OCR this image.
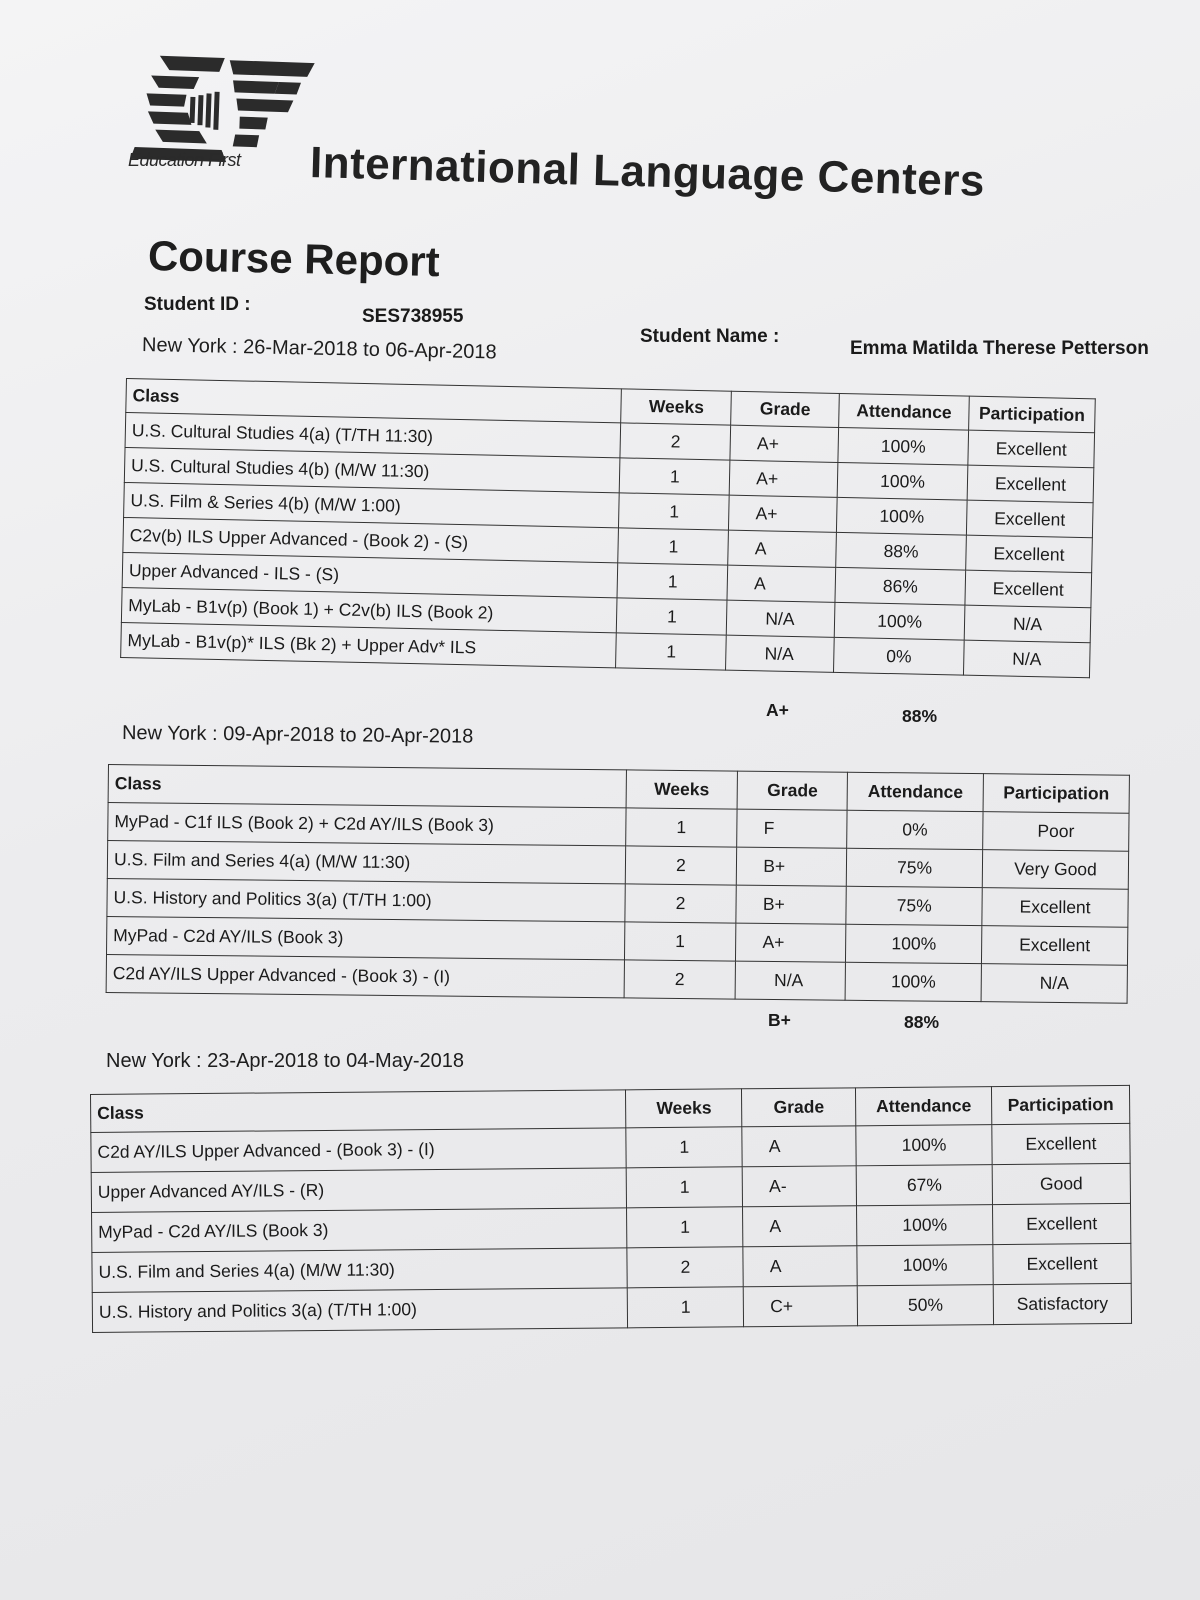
Education First International Language Centers
Course Report
Student ID :
SES738955
Student Name :
Emma Matilda Therese Petterson
New York : 26-Mar-2018 to 06-Apr-2018
Class	Weeks	Grade	Attendance	Participation
U.S. Cultural Studies 4(a) (T/TH 11:30)	2	A+	100%	Excellent
U.S. Cultural Studies 4(b) (M/W 11:30)	1	A+	100%	Excellent
U.S. Film & Series 4(b) (M/W 1:00)	1	A+	100%	Excellent
C2v(b) ILS Upper Advanced - (Book 2) - (S)	1	A	88%	Excellent
Upper Advanced - ILS - (S)	1	A	86%	Excellent
MyLab - B1v(p) (Book 1) + C2v(b) ILS (Book 2)	1	N/A	100%	N/A
MyLab - B1v(p)* ILS (Bk 2) + Upper Adv* ILS	1	N/A	0%	N/A
A+	88%
New York : 09-Apr-2018 to 20-Apr-2018
Class	Weeks	Grade	Attendance	Participation
MyPad - C1f ILS (Book 2) + C2d AY/ILS (Book 3)	1	F	0%	Poor
U.S. Film and Series 4(a) (M/W 11:30)	2	B+	75%	Very Good
U.S. History and Politics 3(a) (T/TH 1:00)	2	B+	75%	Excellent
MyPad - C2d AY/ILS (Book 3)	1	A+	100%	Excellent
C2d AY/ILS Upper Advanced - (Book 3) - (I)	2	N/A	100%	N/A
B+	88%
New York : 23-Apr-2018 to 04-May-2018
Class	Weeks	Grade	Attendance	Participation
C2d AY/ILS Upper Advanced - (Book 3) - (I)	1	A	100%	Excellent
Upper Advanced AY/ILS - (R)	1	A-	67%	Good
MyPad - C2d AY/ILS (Book 3)	1	A	100%	Excellent
U.S. Film and Series 4(a) (M/W 11:30)	2	A	100%	Excellent
U.S. History and Politics 3(a) (T/TH 1:00)	1	C+	50%	Satisfactory
